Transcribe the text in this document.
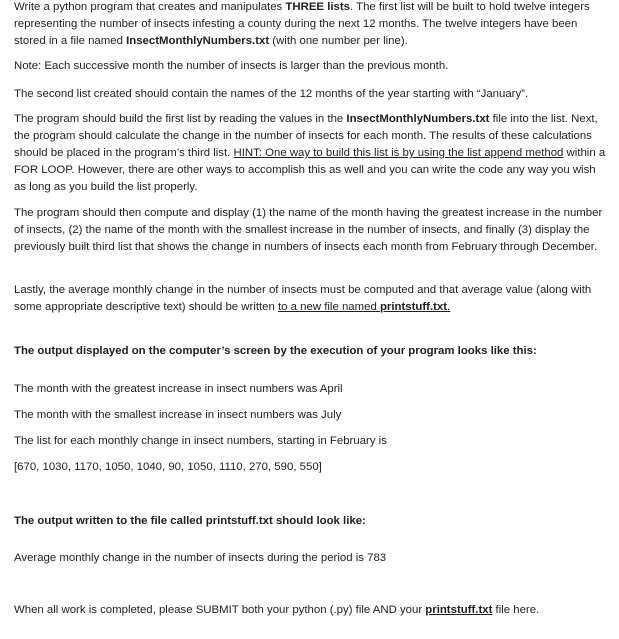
Write a python program that creates and manipulates THREE lists. The first list will be built to hold twelve integers representing the number of insects infesting a county during the next 12 months. The twelve integers have been stored in a file named InsectMonthlyNumbers.txt (with one number per line).

Note: Each successive month the number of insects is larger than the previous month.

The second list created should contain the names of the 12 months of the year starting with “January”.

The program should build the first list by reading the values in the InsectMonthlyNumbers.txt file into the list. Next, the program should calculate the change in the number of insects for each month. The results of these calculations should be placed in the program’s third list. HINT: One way to build this list is by using the list append method within a FOR LOOP. However, there are other ways to accomplish this as well and you can write the code any way you wish as long as you build the list properly.

The program should then compute and display (1) the name of the month having the greatest increase in the number of insects, (2) the name of the month with the smallest increase in the number of insects, and finally (3) display the previously built third list that shows the change in numbers of insects each month from February through December.

Lastly, the average monthly change in the number of insects must be computed and that average value (along with some appropriate descriptive text) should be written to a new file named printstuff.txt.

The output displayed on the computer’s screen by the execution of your program looks like this:

The month with the greatest increase in insect numbers was April

The month with the smallest increase in insect numbers was July

The list for each monthly change in insect numbers, starting in February is

[670, 1030, 1170, 1050, 1040, 90, 1050, 1110, 270, 590, 550]

The output written to the file called printstuff.txt should look like:

Average monthly change in the number of insects during the period is 783

When all work is completed, please SUBMIT both your python (.py) file AND your printstuff.txt file here.
